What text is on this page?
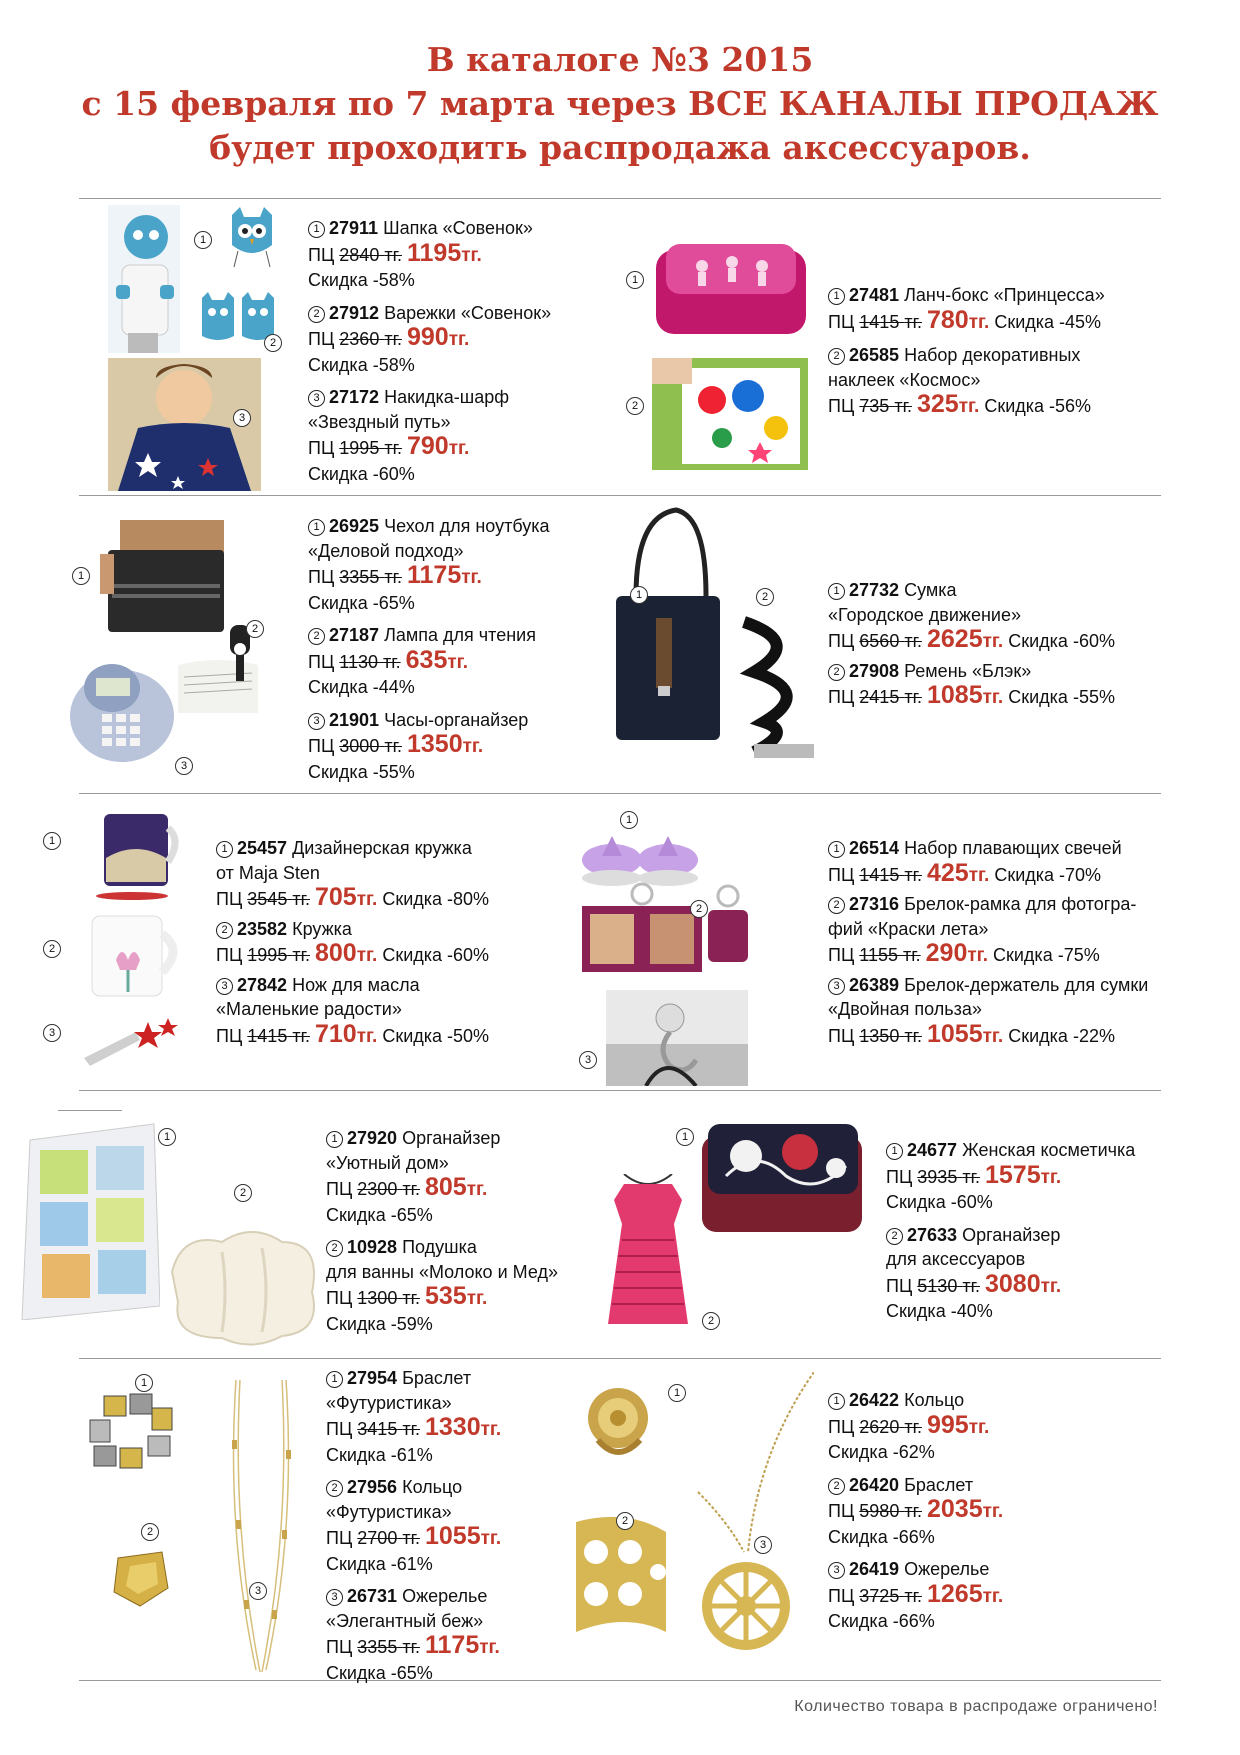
В каталоге №3 2015
с 15 февраля по 7 марта через ВСЕ КАНАЛЫ ПРОДАЖ
будет проходить распродажа аксессуаров.
1
2
3
1 27911 Шапка «Совенок»
ПЦ 2840 тг. 1195тг.
Скидка -58%
2 27912 Варежки «Совенок»
ПЦ 2360 тг. 990тг.
Скидка -58%
3 27172 Накидка-шарф
«Звездный путь»
ПЦ 1995 тг. 790тг.
Скидка -60%
1
2
1 27481 Ланч-бокс «Принцесса»
ПЦ 1415 тг. 780тг. Скидка -45%
2 26585 Набор декоративных
наклеек «Космос»
ПЦ 735 тг. 325тг. Скидка -56%
1
2
3
1 26925 Чехол для ноутбука
«Деловой подход»
ПЦ 3355 тг. 1175тг.
Скидка -65%
2 27187 Лампа для чтения
ПЦ 1130 тг. 635тг.
Скидка -44%
3 21901 Часы-органайзер
ПЦ 3000 тг. 1350тг.
Скидка -55%
1	2	1 27732 Сумка
«Городское движение»
ПЦ 6560 тг. 2625тг. Скидка -60%
2 27908 Ремень «Блэк»
ПЦ 2415 тг. 1085тг. Скидка -55%
1
2
3
1 25457 Дизайнерская кружка
от Maja Sten
ПЦ 3545 тг. 705тг. Скидка -80%
2 23582 Кружка
ПЦ 1995 тг. 800тг. Скидка -60%
3 27842 Нож для масла
«Маленькие радости»
ПЦ 1415 тг. 710тг. Скидка -50%
1
2
3
1 26514 Набор плавающих свечей
ПЦ 1415 тг. 425тг. Скидка -70%
2 27316 Брелок-рамка для фотогра-
фий «Краски лета»
ПЦ 1155 тг. 290тг. Скидка -75%
3 26389 Брелок-держатель для сумки
«Двойная польза»
ПЦ 1350 тг. 1055тг. Скидка -22%
1
2
1 27920 Органайзер
«Уютный дом»
ПЦ 2300 тг. 805тг.
Скидка -65%
2 10928 Подушка
для ванны «Молоко и Мед»
ПЦ 1300 тг. 535тг.
Скидка -59%
1
2
1 24677 Женская косметичка
ПЦ 3935 тг. 1575тг.
Скидка -60%
2 27633 Органайзер
для аксессуаров
ПЦ 5130 тг. 3080тг.
Скидка -40%
1
2
3
1 27954 Браслет
«Футуристика»
ПЦ 3415 тг. 1330тг.
Скидка -61%
2 27956 Кольцо
«Футуристика»
ПЦ 2700 тг. 1055тг.
Скидка -61%
3 26731 Ожерелье
«Элегантный беж»
ПЦ 3355 тг. 1175тг.
Скидка -65%
1
2
3
1 26422 Кольцо
ПЦ 2620 тг. 995тг.
Скидка -62%
2 26420 Браслет
ПЦ 5980 тг. 2035тг.
Скидка -66%
3 26419 Ожерелье
ПЦ 3725 тг. 1265тг.
Скидка -66%
Количество товара в распродаже ограничено!
